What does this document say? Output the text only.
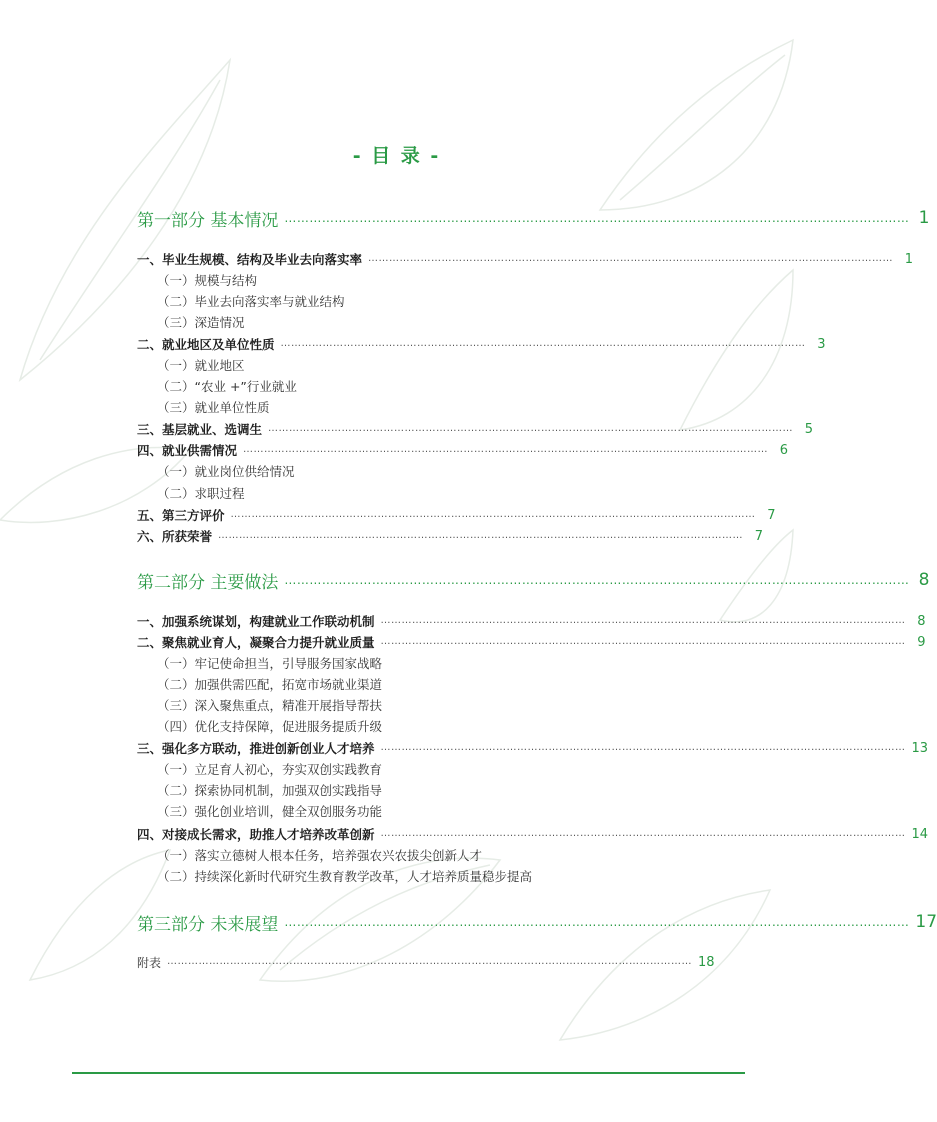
- 目 录 -
第一部分 基本情况 …………………………………………………………………………………………………………………………………… 1
一、毕业生规模、结构及毕业去向落实率 …………………………………………………………………………………………………………………………………… 1
（一）规模与结构
（二）毕业去向落实率与就业结构
（三）深造情况
二、就业地区及单位性质 …………………………………………………………………………………………………………………………………… 3
（一）就业地区
（二）“农业 +”行业就业
（三）就业单位性质
三、基层就业、选调生 …………………………………………………………………………………………………………………………………… 5
四、就业供需情况 …………………………………………………………………………………………………………………………………… 6
（一）就业岗位供给情况
（二）求职过程
五、第三方评价 …………………………………………………………………………………………………………………………………… 7
六、所获荣誉 …………………………………………………………………………………………………………………………………… 7
第二部分 主要做法 …………………………………………………………………………………………………………………………………… 8
一、加强系统谋划，构建就业工作联动机制 …………………………………………………………………………………………………………………………………… 8
二、聚焦就业育人，凝聚合力提升就业质量 …………………………………………………………………………………………………………………………………… 9
（一）牢记使命担当，引导服务国家战略
（二）加强供需匹配，拓宽市场就业渠道
（三）深入聚焦重点，精准开展指导帮扶
（四）优化支持保障，促进服务提质升级
三、强化多方联动，推进创新创业人才培养 …………………………………………………………………………………………………………………………………… 13
（一）立足育人初心，夯实双创实践教育
（二）探索协同机制，加强双创实践指导
（三）强化创业培训，健全双创服务功能
四、对接成长需求，助推人才培养改革创新 …………………………………………………………………………………………………………………………………… 14
（一）落实立德树人根本任务，培养强农兴农拔尖创新人才
（二）持续深化新时代研究生教育教学改革，人才培养质量稳步提高
第三部分 未来展望 …………………………………………………………………………………………………………………………………… 17
附表 …………………………………………………………………………………………………………………………………… 18
